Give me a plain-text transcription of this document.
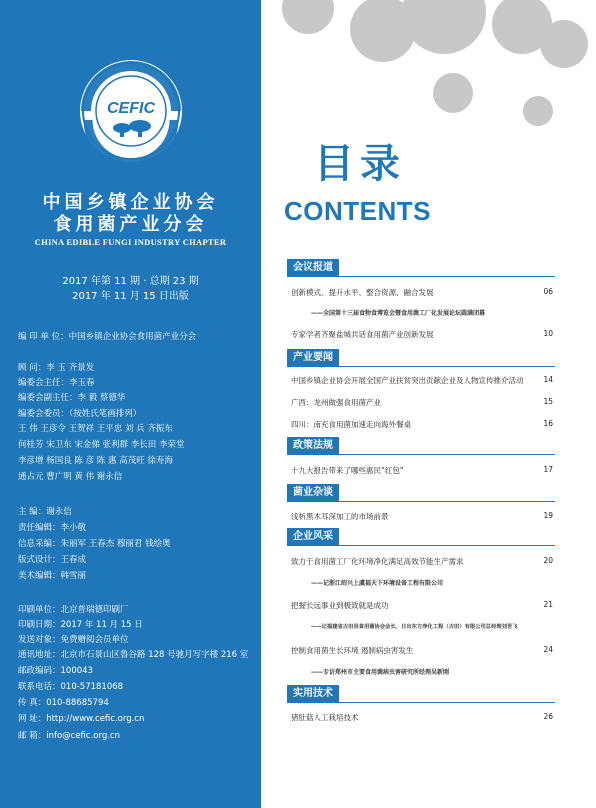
CEFIC
中国乡镇企业协会
食用菌产业分会
CHINA EDIBLE FUNGI INDUSTRY CHAPTER
2017 年第 11 期 · 总期 23 期
2017 年 11 月 15 日出版
编 印 单 位：中国乡镇企业协会食用菌产业分会
顾 问：李 玉 齐景发
编委会主任：李玉春
编委会副主任：李 毅 蔡德华
编委会委员：（按姓氏笔画排列）
王 伟 王彦令 王贺祥 王平忠 刘 兵 齐振东
何桂芳 宋卫东 宋金俤 张利群 李长田 李荣堂
李彦增 杨国良 陈 彦 陈 惠 高茂旺 徐寿海
通占元 曹广明 黄 伟 谢永信
主 编：谢永信
责任编辑：李小敬
信息采编：朱丽军 王春杰 穆丽君 钱绘奥
版式设计：王春成
美术编辑：韩雪丽
印刷单位：北京普瑞德印刷厂
印刷日期：2017 年 11 月 15 日
发送对象：免费赠阅会员单位
通讯地址：北京市石景山区鲁谷路 128 号驰月写字楼 216 室
邮政编码：100043
联系电话：010-57181068
传 真：010-88685794
网 址：http://www.cefic.org.cn
邮 箱：info@cefic.org.cn
目录
CONTENTS
会议报道
创新模式、提升水平、整合资源、融合发展	06
——全国第十三届食物食博览会暨食用菌工厂化发展论坛圆满闭幕
专家学者齐聚盐城共话食用菌产业创新发展	10
产业要闻
中国乡镇企业协会开展全国产业扶贫突出贡献企业及人物宣传推介活动	14
广西：龙州做强食用菌产业	15
四川：南充食用菌加速走向海外餐桌	16
政策法规
十九大报告带来了哪些惠民“红包”	17
菌业杂谈
浅析黑木耳深加工的市场前景	19
企业风采
致力于食用菌工厂化环境净化满足高效节能生产需求	20
——记浙江绍兴上虞福天下环境设备工程有限公司
把握长远事业到极致就是成功	21
——记福建省古田县食用菌协会会长、日出东方净化工程（古田）有限公司总经理刘世飞
控制食用菌生长环境 遏制病虫害发生	24
——专访郑州市主要食用菌病虫害研究所经理吴新刚
实用技术
猪肚菇人工栽培技术	26
